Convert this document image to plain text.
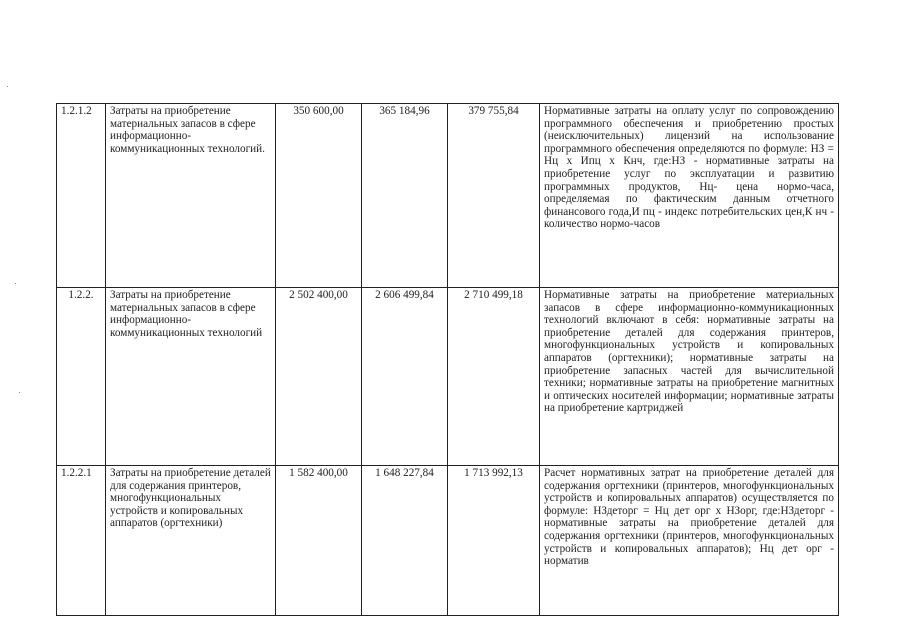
1.2.1.2	Затраты на приобретение материальных запасов в сфере информационно-коммуникационных технологий.	350 600,00	365 184,96	379 755,84	Нормативные затраты на оплату услуг по сопровождению программного обеспечения и приобретению простых (неисключительных) лицензий на использование программного обеспечения определяются по формуле: НЗ = Нц х Ипц х Кнч, где:НЗ - нормативные затраты на приобретение услуг по эксплуатации и развитию программных продуктов, Нц- цена нормо-часа, определяемая по фактическим данным отчетного финансового года,И пц - индекс потребительских цен,К нч - количество нормо-часов
1.2.2.	Затраты на приобретение материальных запасов в сфере информационно-коммуникационных технологий	2 502 400,00	2 606 499,84	2 710 499,18	Нормативные затраты на приобретение материальных запасов в сфере информационно-коммуникационных технологий включают в себя: нормативные затраты на приобретение деталей для содержания принтеров, многофункциональных устройств и копировальных аппаратов (оргтехники); нормативные затраты на приобретение запасных частей для вычислительной техники; нормативные затраты на приобретение магнитных и оптических носителей информации; нормативные затраты на приобретение картриджей
1.2.2.1	Затраты на приобретение деталей для содержания принтеров, многофункциональных устройств и копировальных аппаратов (оргтехники)	1 582 400,00	1 648 227,84	1 713 992,13	Расчет нормативных затрат на приобретение деталей для содержания оргтехники (принтеров, многофункциональных устройств и копировальных аппаратов) осуществляется по формуле: НЗдеторг = Нц дет орг х НЗорг, где:НЗдеторг - нормативные затраты на приобретение деталей для содержания оргтехники (принтеров, многофункциональных устройств и копировальных аппаратов); Нц дет орг - норматив
